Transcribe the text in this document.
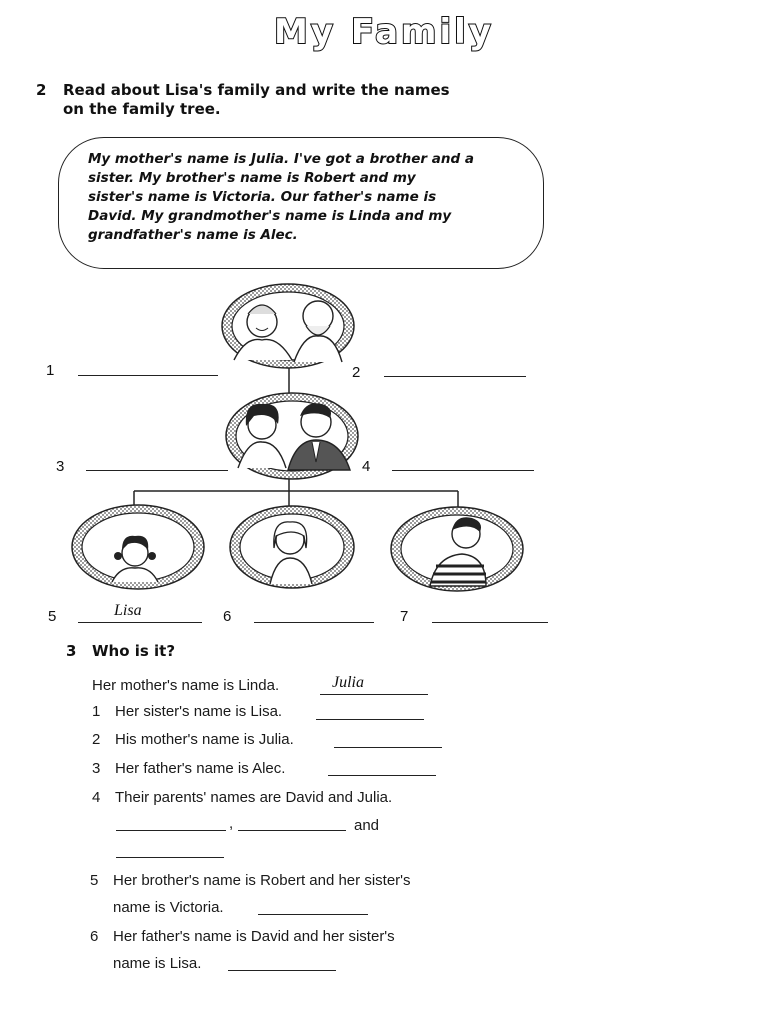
My Family
2 Read about Lisa's family and write the names
on the family tree.
My mother's name is Julia. I've got a brother and a
sister. My brother's name is Robert and my
sister's name is Victoria. Our father's name is
David. My grandmother's name is Linda and my
grandfather's name is Alec.
1	2
3	4
5	Lisa	6	7
3 Who is it?
Her mother's name is Linda.	Julia
1 Her sister's name is Lisa.
2 His mother's name is Julia.
3 Her father's name is Alec.
4 Their parents' names are David and Julia.
,	and
5 Her brother's name is Robert and her sister's
name is Victoria.
6 Her father's name is David and her sister's
name is Lisa.
